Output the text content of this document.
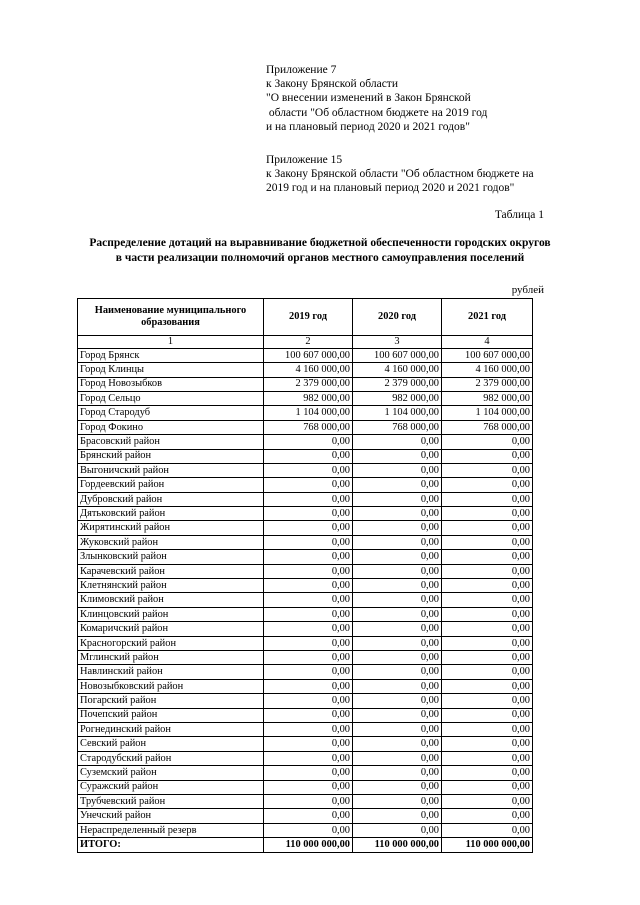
Приложение 7
к Закону Брянской области
"О внесении изменений в Закон Брянской
области "Об областном бюджете на 2019 год
и на плановый период 2020 и 2021 годов"
Приложение 15
к Закону Брянской области "Об областном бюджете на
2019 год и на плановый период 2020 и 2021 годов"
Таблица 1
Распределение дотаций на выравнивание бюджетной обеспеченности городских округов
в части реализации полномочий органов местного самоуправления поселений
рублей
Наименование муниципального образования	2019 год	2020 год	2021 год
1	2	3	4
Город Брянск	100 607 000,00	100 607 000,00	100 607 000,00
Город Клинцы	4 160 000,00	4 160 000,00	4 160 000,00
Город Новозыбков	2 379 000,00	2 379 000,00	2 379 000,00
Город Сельцо	982 000,00	982 000,00	982 000,00
Город Стародуб	1 104 000,00	1 104 000,00	1 104 000,00
Город Фокино	768 000,00	768 000,00	768 000,00
Брасовский район	0,00	0,00	0,00
Брянский район	0,00	0,00	0,00
Выгоничский район	0,00	0,00	0,00
Гордеевский район	0,00	0,00	0,00
Дубровский район	0,00	0,00	0,00
Дятьковский район	0,00	0,00	0,00
Жирятинский район	0,00	0,00	0,00
Жуковский район	0,00	0,00	0,00
Злынковский район	0,00	0,00	0,00
Карачевский район	0,00	0,00	0,00
Клетнянский район	0,00	0,00	0,00
Климовский район	0,00	0,00	0,00
Клинцовский район	0,00	0,00	0,00
Комаричский район	0,00	0,00	0,00
Красногорский район	0,00	0,00	0,00
Мглинский район	0,00	0,00	0,00
Навлинский район	0,00	0,00	0,00
Новозыбковский район	0,00	0,00	0,00
Погарский район	0,00	0,00	0,00
Почепский район	0,00	0,00	0,00
Рогнединский район	0,00	0,00	0,00
Севский район	0,00	0,00	0,00
Стародубский район	0,00	0,00	0,00
Суземский район	0,00	0,00	0,00
Суражский район	0,00	0,00	0,00
Трубчевский район	0,00	0,00	0,00
Унечский район	0,00	0,00	0,00
Нераспределенный резерв	0,00	0,00	0,00
ИТОГО:	110 000 000,00	110 000 000,00	110 000 000,00
